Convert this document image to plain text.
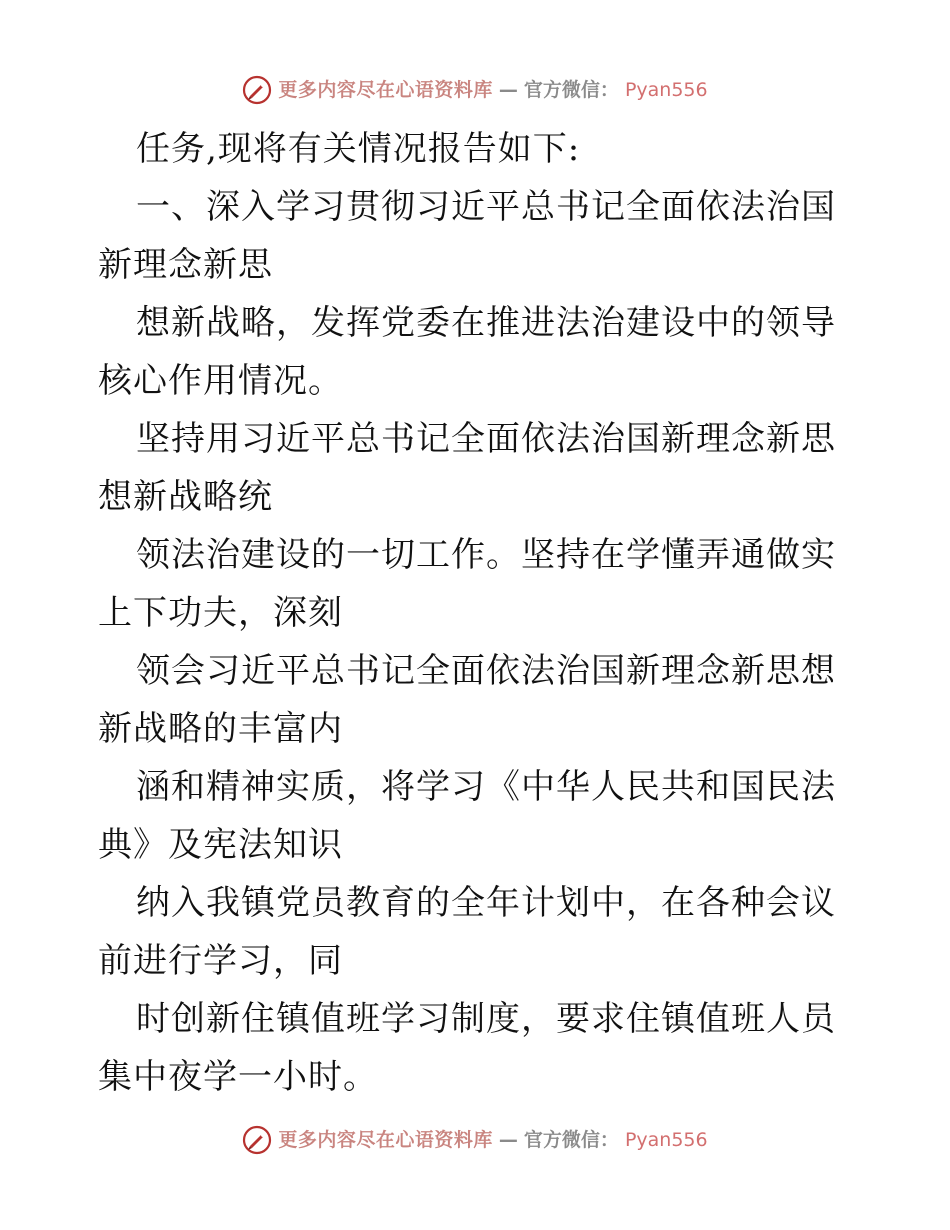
更多内容尽在心语资料库 — 官方微信： Pyan556

任务,现将有关情况报告如下:

一、深入学习贯彻习近平总书记全面依法治国新理念新思

想新战略，发挥党委在推进法治建设中的领导核心作用情况。

坚持用习近平总书记全面依法治国新理念新思想新战略统

领法治建设的一切工作。坚持在学懂弄通做实上下功夫，深刻

领会习近平总书记全面依法治国新理念新思想新战略的丰富内

涵和精神实质，将学习《中华人民共和国民法典》及宪法知识

纳入我镇党员教育的全年计划中，在各种会议前进行学习，同

时创新住镇值班学习制度，要求住镇值班人员集中夜学一小时。

更多内容尽在心语资料库 — 官方微信： Pyan556
